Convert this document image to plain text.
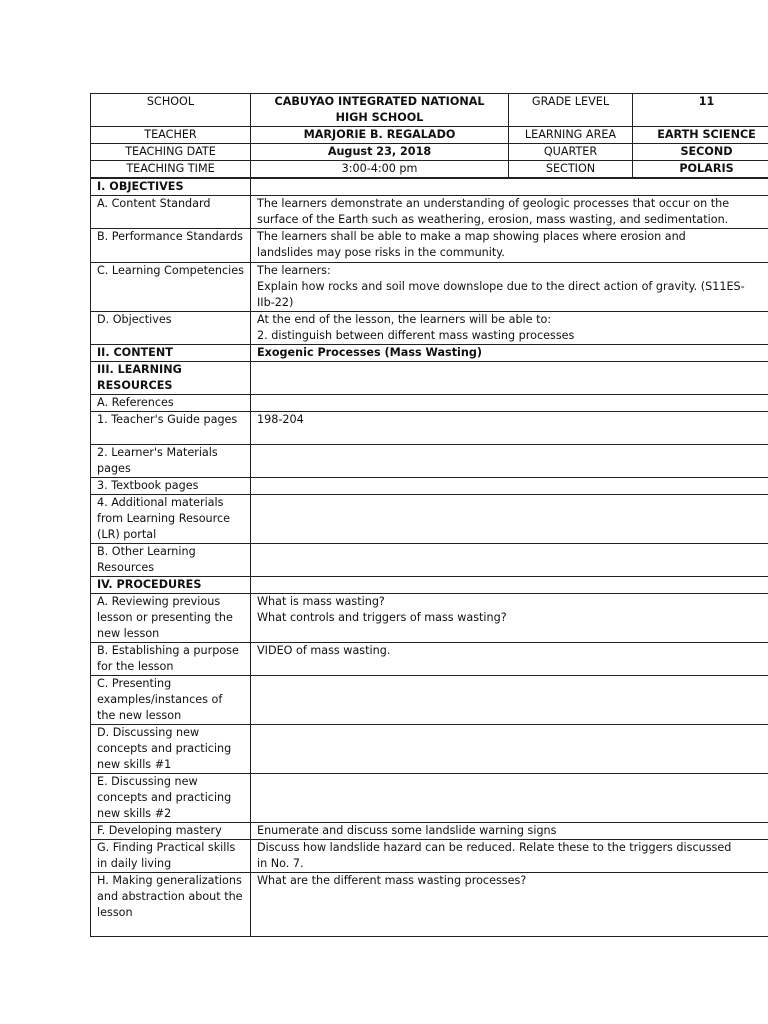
SCHOOL	CABUYAO INTEGRATED NATIONAL HIGH SCHOOL	GRADE LEVEL	11
TEACHER	MARJORIE B. REGALADO	LEARNING AREA	EARTH SCIENCE
TEACHING DATE	August 23, 2018	QUARTER	SECOND
TEACHING TIME	3:00-4:00 pm	SECTION	POLARIS
I. OBJECTIVES	
A. Content Standard	The learners demonstrate an understanding of geologic processes that occur on the
surface of the Earth such as weathering, erosion, mass wasting, and sedimentation.

B. Performance Standards	The learners shall be able to make a map showing places where erosion and
landslides may pose risks in the community.

C. Learning Competencies	The learners:
Explain how rocks and soil move downslope due to the direct action of gravity. (S11ES-
IIb-22)

D. Objectives	At the end of the lesson, the learners will be able to:
2. distinguish between different mass wasting processes

II. CONTENT	Exogenic Processes (Mass Wasting)
III. LEARNING RESOURCES	
A. References	
1. Teacher's Guide pages	198-204
2. Learner's Materials pages	
3. Textbook pages	
4. Additional materials from Learning Resource (LR) portal	
B. Other Learning Resources	
IV. PROCEDURES	
A. Reviewing previous lesson or presenting the new lesson	What is mass wasting?
What controls and triggers of mass wasting?

B. Establishing a purpose for the lesson	VIDEO of mass wasting.
C. Presenting examples/instances of the new lesson	
D. Discussing new concepts and practicing new skills #1	
E. Discussing new concepts and practicing new skills #2	
F. Developing mastery	Enumerate and discuss some landslide warning signs
G. Finding Practical skills in daily living	Discuss how landslide hazard can be reduced. Relate these to the triggers discussed
in No. 7.

H. Making generalizations and abstraction about the lesson	What are the different mass wasting processes?
